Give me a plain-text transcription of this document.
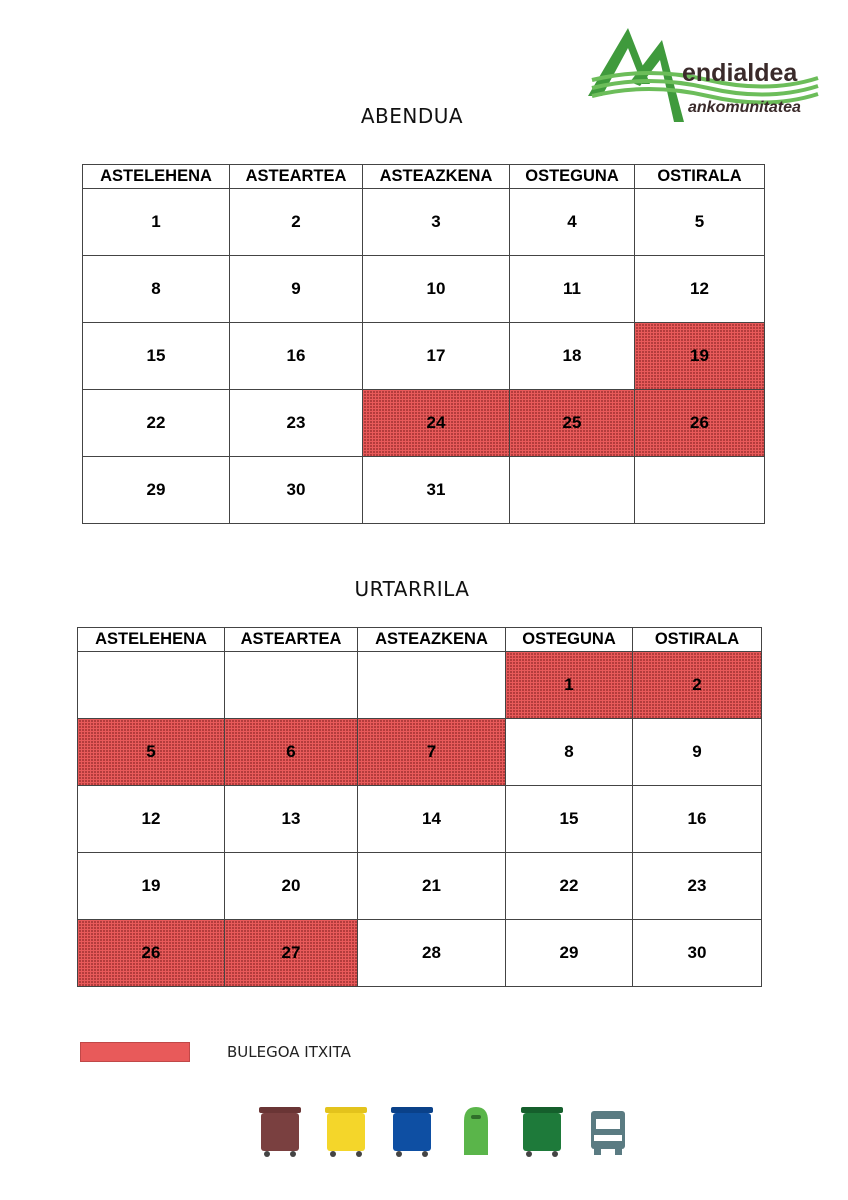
endialdea
ankomunitatea
ABENDUA
ASTELEHENA	ASTEARTEA	ASTEAZKENA	OSTEGUNA	OSTIRALA
1	2	3	4	5
8	9	10	11	12
15	16	17	18	19
22	23	24	25	26
29	30	31		
URTARRILA
ASTELEHENA	ASTEARTEA	ASTEAZKENA	OSTEGUNA	OSTIRALA
			1	2
5	6	7	8	9
12	13	14	15	16
19	20	21	22	23
26	27	28	29	30
BULEGOA ITXITA
